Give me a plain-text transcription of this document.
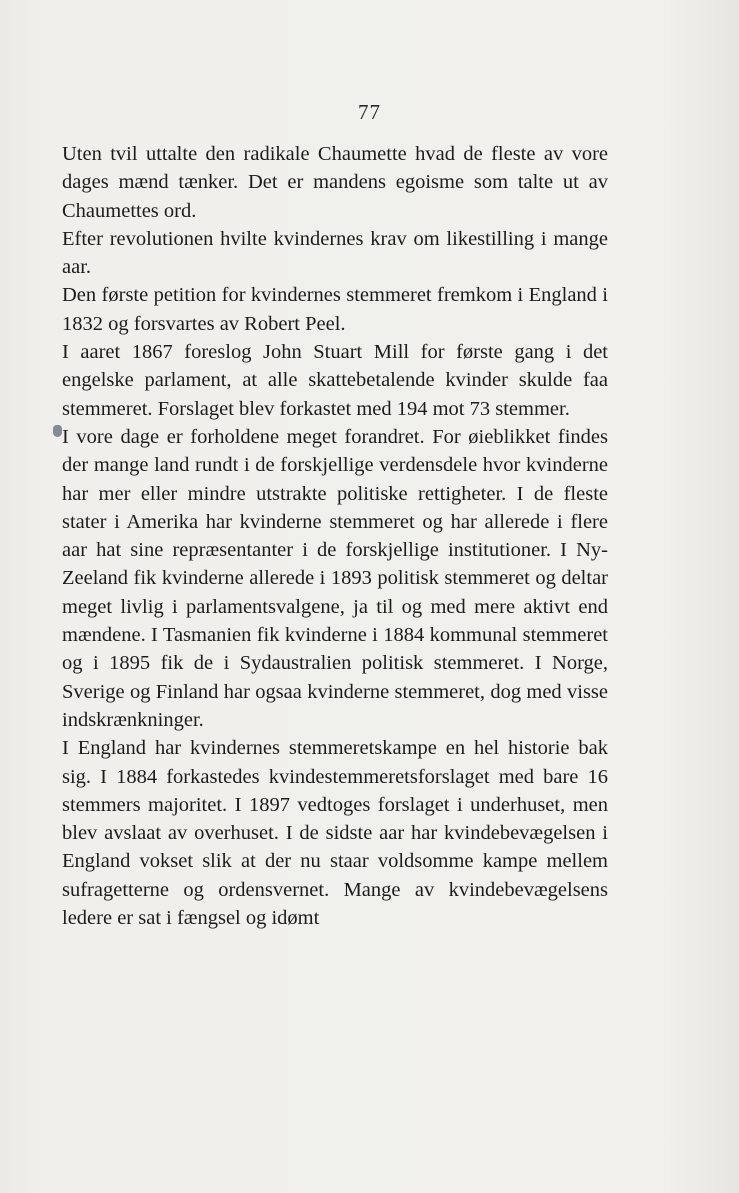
77

Uten tvil uttalte den radikale Chaumette hvad de fleste av vore dages mænd tænker. Det er mandens egoisme som talte ut av Chaumettes ord.

Efter revolutionen hvilte kvindernes krav om likestilling i mange aar.

Den første petition for kvindernes stemmeret fremkom i England i 1832 og forsvartes av Robert Peel.

I aaret 1867 foreslog John Stuart Mill for første gang i det engelske parlament, at alle skattebetalende kvinder skulde faa stemmeret. Forslaget blev forkastet med 194 mot 73 stemmer.

I vore dage er forholdene meget forandret. For øieblikket findes der mange land rundt i de forskjellige verdensdele hvor kvinderne har mer eller mindre utstrakte politiske rettigheter. I de fleste stater i Amerika har kvinderne stemmeret og har allerede i flere aar hat sine repræsentanter i de forskjellige institutioner. I Ny-Zeeland fik kvinderne allerede i 1893 politisk stemmeret og deltar meget livlig i parlamentsvalgene, ja til og med mere aktivt end mændene. I Tasmanien fik kvinderne i 1884 kommunal stemmeret og i 1895 fik de i Sydaustralien politisk stemmeret. I Norge, Sverige og Finland har ogsaa kvinderne stemmeret, dog med visse indskrænkninger.

I England har kvindernes stemmeretskampe en hel historie bak sig. I 1884 forkastedes kvindestemmeretsforslaget med bare 16 stemmers majoritet. I 1897 vedtoges forslaget i underhuset, men blev avslaat av overhuset. I de sidste aar har kvindebevægelsen i England vokset slik at der nu staar voldsomme kampe mellem sufragetterne og ordensvernet. Mange av kvindebevægelsens ledere er sat i fængsel og idømt
